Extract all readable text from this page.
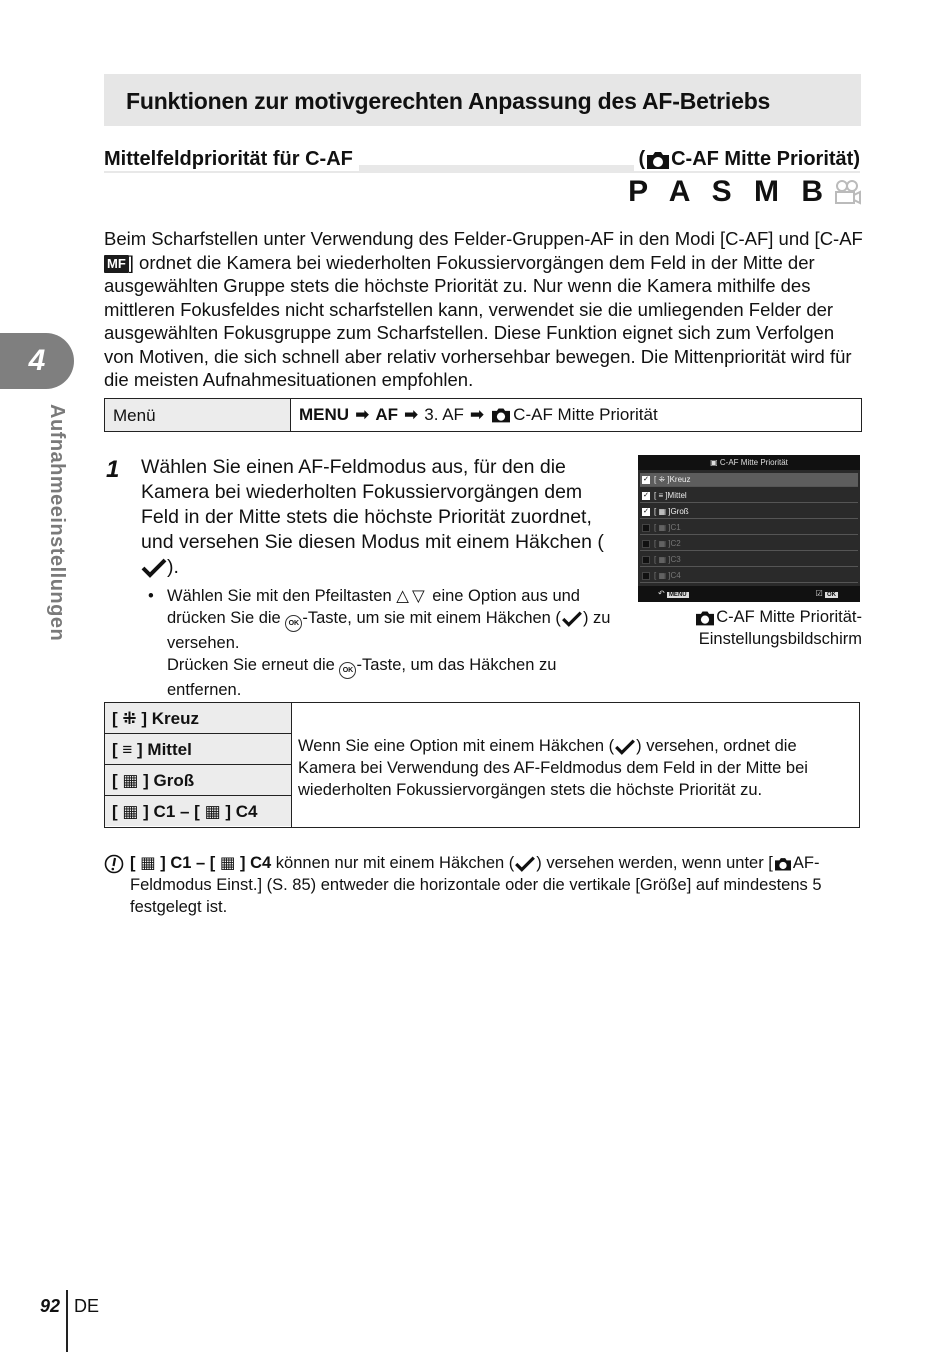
Funktionen zur motivgerechten Anpassung des AF-Betriebs
Mittelfeldpriorität für C-AF	( C-AF Mitte Priorität)
P A S M B
Beim Scharfstellen unter Verwendung des Felder-Gruppen-AF in den Modi [C-AF] und [C-AFMF ] ordnet die Kamera bei wiederholten Fokussiervorgängen dem Feld in der Mitte der ausgewählten Gruppe stets die höchste Priorität zu. Nur wenn die Kamera mithilfe des mittleren Fokusfeldes nicht scharfstellen kann, verwendet sie die umliegenden Felder der ausgewählten Fokusgruppe zum Scharfstellen. Diese Funktion eignet sich zum Verfolgen von Motiven, die sich schnell aber relativ vorhersehbar bewegen. Die Mittenpriorität wird für die meisten Aufnahmesituationen empfohlen.
4
Aufnahmeeinstellungen	Menü	MENU ➡ AF ➡ 3. AF ➡ C-AF Mitte Priorität
1 Wählen Sie einen AF-Feldmodus aus, für den die Kamera bei wiederholten Fokussiervorgängen dem Feld in der Mitte stets die höchste Priorität zuordnet, und versehen Sie diesen Modus mit einem Häkchen ().
• Wählen Sie mit den Pfeiltasten △▽ eine Option aus und drücken Sie die OK -Taste, um sie mit einem Häkchen ( ) zu versehen.
Drücken Sie erneut die OK -Taste, um das Häkchen zu entfernen.
▣ C-AF Mitte Priorität
✓ [ ⁜ ]Kreuz
✓ [ ≡ ]Mittel
✓ [ ▦ ]Groß
[ ▦ ]C1
[ ▦ ]C2
[ ▦ ]C3
[ ▦ ]C4
↶ MENU	☑ OK
C-AF Mitte Priorität-
Einstellungsbildschirm
[ ⁜ ] Kreuz
[ ≡ ] Mittel
[ ▦ ] Groß
[ ▦ ] C1 – [ ▦ ] C4
Wenn Sie eine Option mit einem Häkchen ( ) versehen, ordnet die Kamera bei Verwendung des AF-Feldmodus dem Feld in der Mitte bei wiederholten Fokussiervorgängen stets die höchste Priorität zu.
[ ▦ ] C1 – [ ▦ ] C4 können nur mit einem Häkchen ( ) versehen werden, wenn unter [ AF-Feldmodus Einst.] (S. 85) entweder die horizontale oder die vertikale [Größe] auf mindestens 5 festgelegt ist.
92 DE
